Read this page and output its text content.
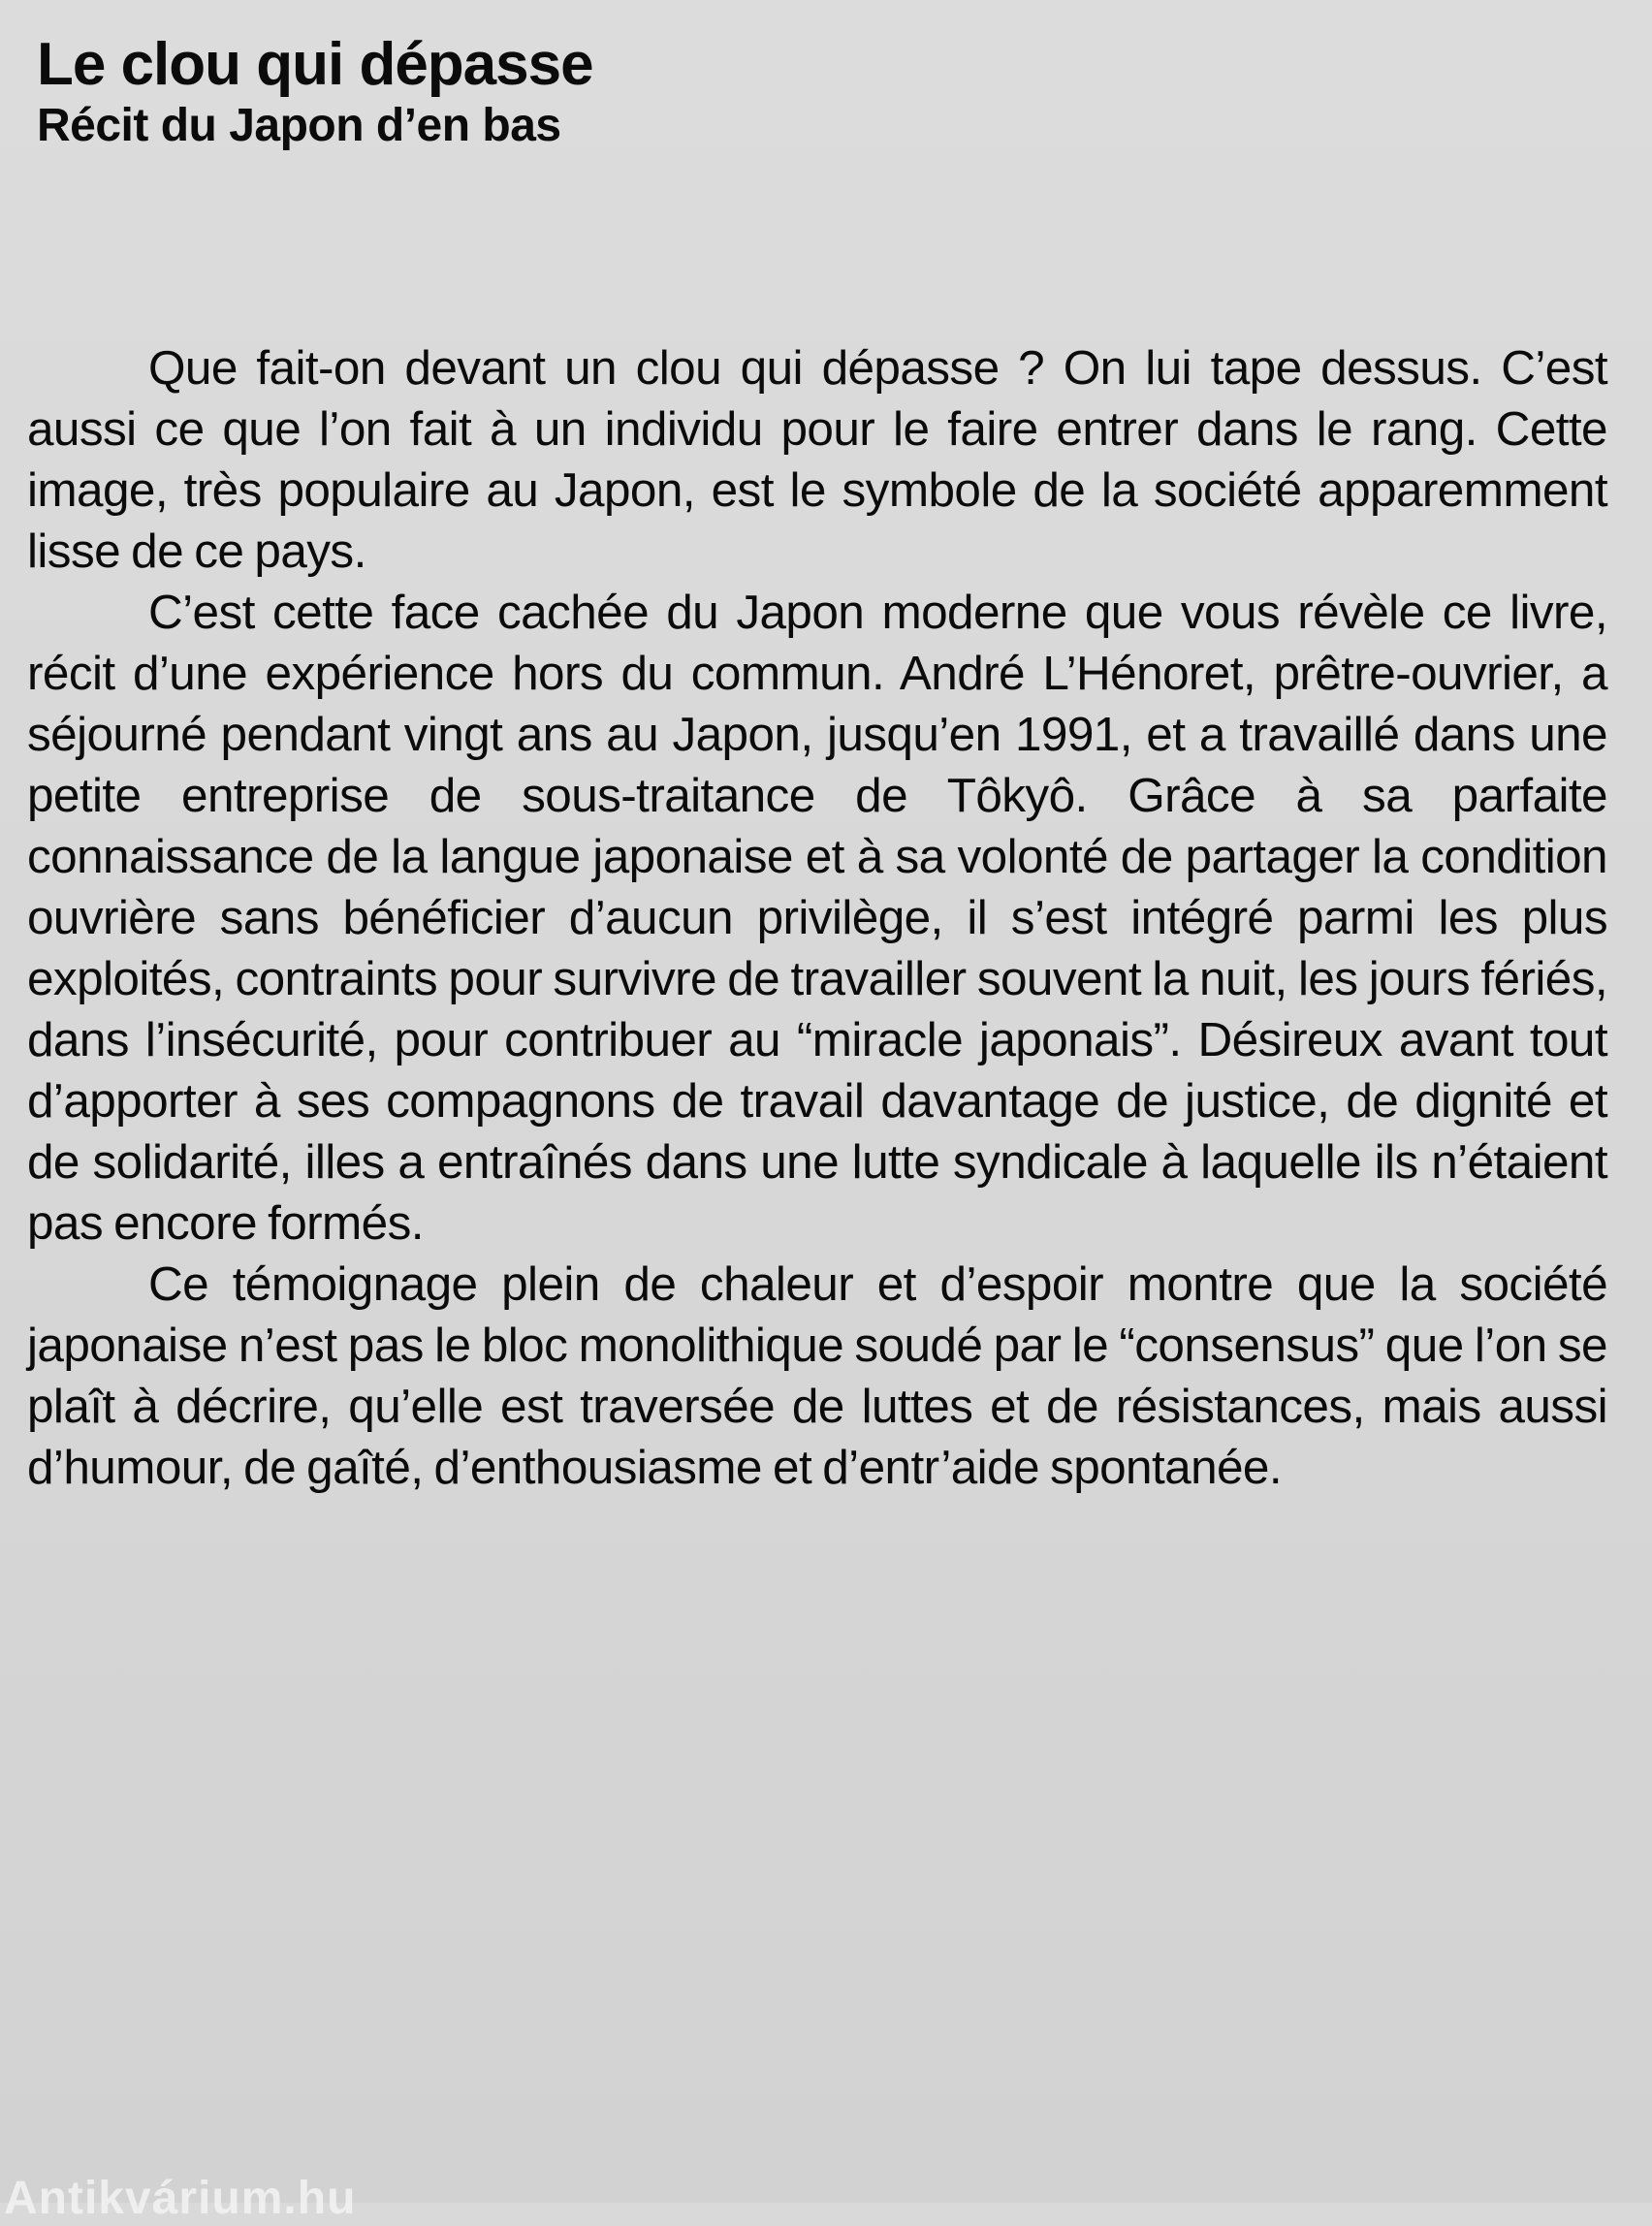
Le clou qui dépasse
Récit du Japon d’en bas

Que fait-on devant un clou qui dépasse ? On lui tape dessus. C’est aussi ce que l’on fait à un individu pour le faire entrer dans le rang. Cette image, très populaire au Japon, est le symbole de la société apparemment lisse de ce pays.

C’est cette face cachée du Japon moderne que vous révèle ce livre, récit d’une expérience hors du commun. André L’Hénoret, prêtre-ouvrier, a séjourné pendant vingt ans au Japon, jusqu’en 1991, et a travaillé dans une petite entreprise de sous-traitance de Tôkyô. Grâce à sa parfaite connaissance de la langue japonaise et à sa volonté de partager la condition ouvrière sans bénéficier d’aucun privilège, il s’est intégré parmi les plus exploités, contraints pour survivre de travailler souvent la nuit, les jours fériés, dans l’insécurité, pour contribuer au “miracle japonais”. Désireux avant tout d’apporter à ses compagnons de travail davantage de justice, de dignité et de solidarité, illes a entraînés dans une lutte syndicale à laquelle ils n’étaient pas encore formés.

Ce témoignage plein de chaleur et d’espoir montre que la société japonaise n’est pas le bloc monolithique soudé par le “consensus” que l’on se plaît à décrire, qu’elle est traversée de luttes et de résistances, mais aussi d’humour, de gaîté, d’enthousiasme et d’entr’aide spontanée.

Antikvárium.hu
